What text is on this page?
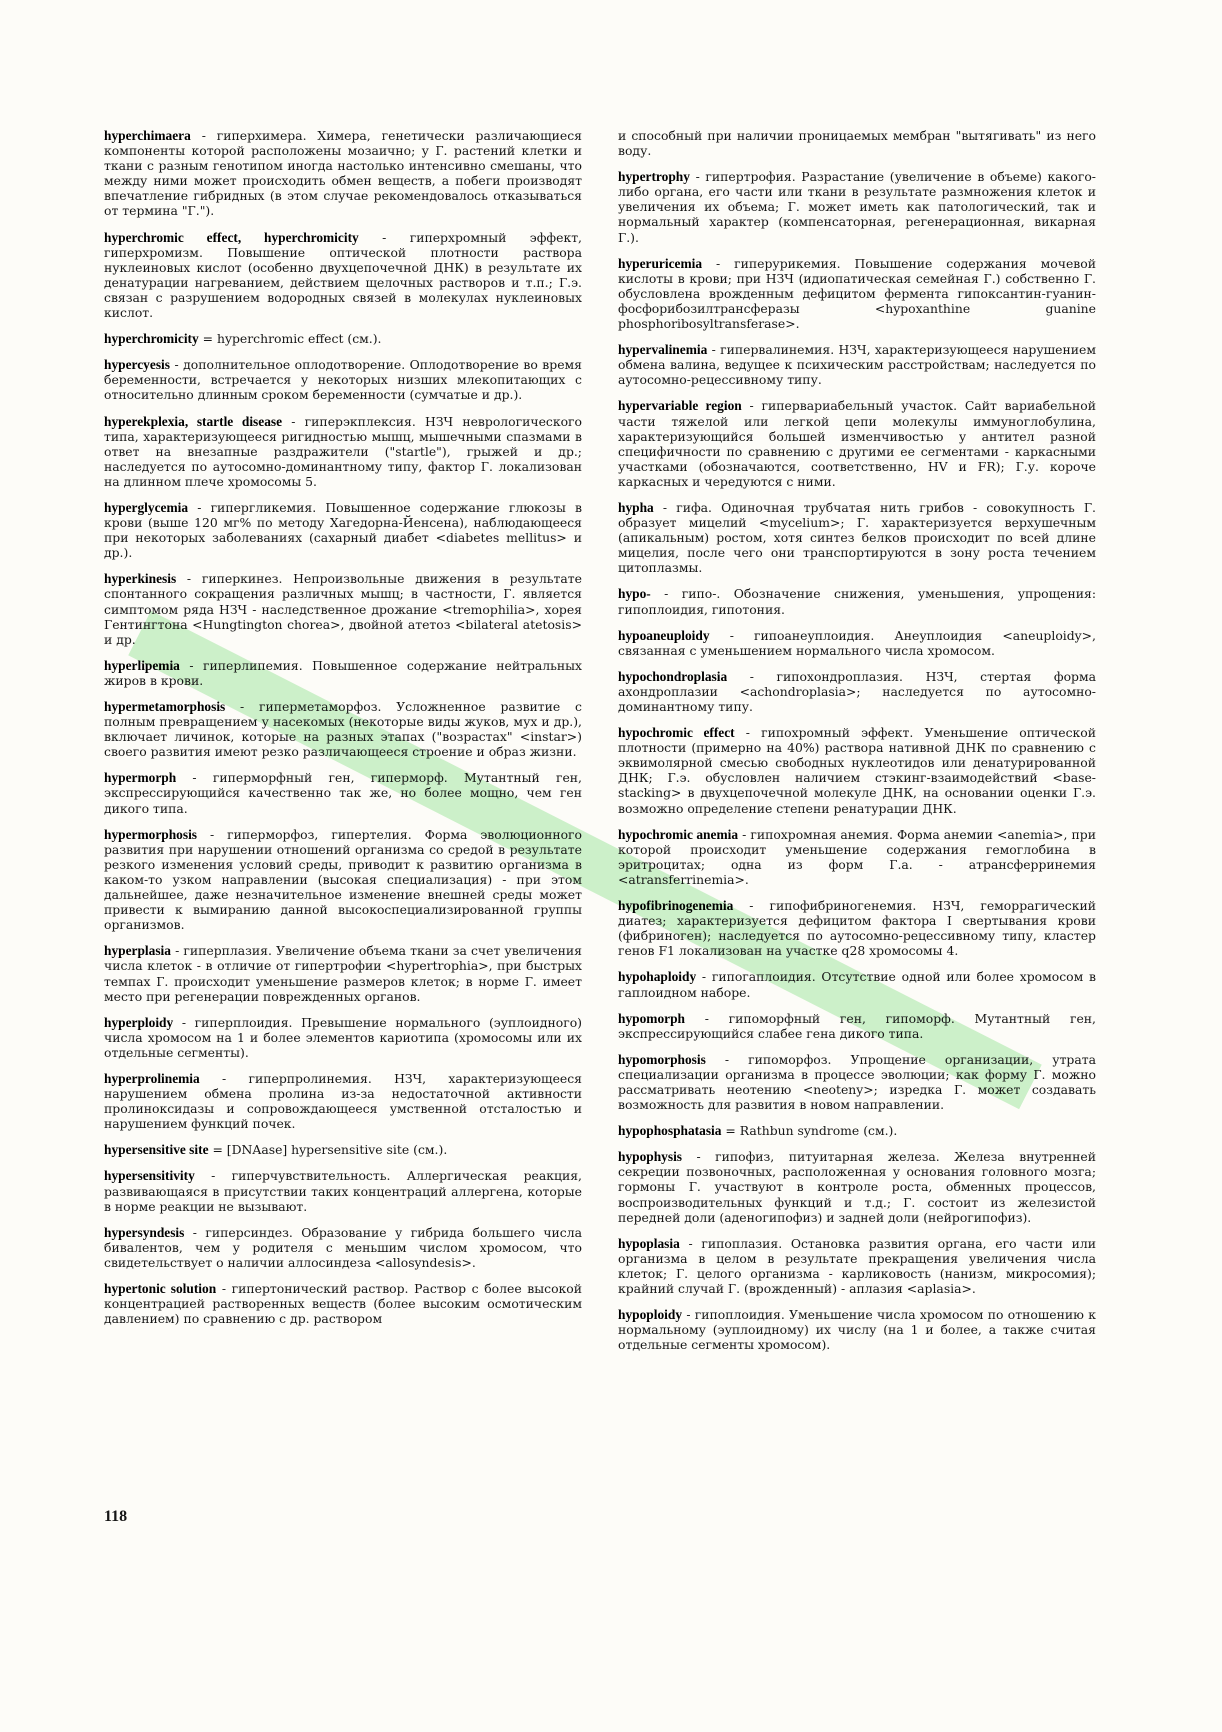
hyperchimaera - гиперхимера. Химера, генетически различающиеся компоненты которой расположены мозаично; у Г. растений клетки и ткани с разным генотипом иногда настолько интенсивно смешаны, что между ними может происходить обмен веществ, а побеги производят впечатление гибридных (в этом случае рекомендовалось отказываться от термина "Г.").

hyperchromic effect, hyperchromicity - гиперхромный эффект, гиперхромизм. Повышение оптической плотности раствора нуклеиновых кислот (особенно двухцепочечной ДНК) в результате их денатурации нагреванием, действием щелочных растворов и т.п.; Г.э. связан с разрушением водородных связей в молекулах нуклеиновых кислот.

hyperchromicity = hyperchromic effect (см.).

hypercyesis - дополнительное оплодотворение. Оплодотворение во время беременности, встречается у некоторых низших млекопитающих с относительно длинным сроком беременности (сумчатые и др.).

hyperekplexia, startle disease - гиперэкплексия. НЗЧ неврологического типа, характеризующееся ригидностью мышц, мышечными спазмами в ответ на внезапные раздражители ("startle"), грыжей и др.; наследуется по аутосомно-доминантному типу, фактор Г. локализован на длинном плече хромосомы 5.

hyperglycemia - гипергликемия. Повышенное содержание глюкозы в крови (выше 120 мг% по методу Хагедорна-Йенсена), наблюдающееся при некоторых заболеваниях (сахарный диабет <diabetes mellitus> и др.).

hyperkinesis - гиперкинез. Непроизвольные движения в результате спонтанного сокращения различных мышц; в частности, Г. является симптомом ряда НЗЧ - наследственное дрожание <tremophilia>, хорея Гентингтона <Hungtington chorea>, двойной атетоз <bilateral atetosis> и др.

hyperlipemia - гиперлипемия. Повышенное содержание нейтральных жиров в крови.

hypermetamorphosis - гиперметаморфоз. Усложненное развитие с полным превращением у насекомых (некоторые виды жуков, мух и др.), включает личинок, которые на разных этапах ("возрастах" <instar>) своего развития имеют резко различающееся строение и образ жизни.

hypermorph - гиперморфный ген, гиперморф. Мутантный ген, экспрессирующийся качественно так же, но более мощно, чем ген дикого типа.

hypermorphosis - гиперморфоз, гипертелия. Форма эволюционного развития при нарушении отношений организма со средой в результате резкого изменения условий среды, приводит к развитию организма в каком-то узком направлении (высокая специализация) - при этом дальнейшее, даже незначительное изменение внешней среды может привести к вымиранию данной высокоспециализированной группы организмов.

hyperplasia - гиперплазия. Увеличение объема ткани за счет увеличения числа клеток - в отличие от гипертрофии <hypertrophia>, при быстрых темпах Г. происходит уменьшение размеров клеток; в норме Г. имеет место при регенерации поврежденных органов.

hyperploidy - гиперплоидия. Превышение нормального (эуплоидного) числа хромосом на 1 и более элементов кариотипа (хромосомы или их отдельные сегменты).

hyperprolinemia - гиперпролинемия. НЗЧ, характеризующееся нарушением обмена пролина из-за недостаточной активности пролиноксидазы и сопровождающееся умственной отсталостью и нарушением функций почек.

hypersensitive site = [DNAase] hypersensitive site (см.).

hypersensitivity - гиперчувствительность. Аллергическая реакция, развивающаяся в присутствии таких концентраций аллергена, которые в норме реакции не вызывают.

hypersyndesis - гиперсиндез. Образование у гибрида большего числа бивалентов, чем у родителя с меньшим числом хромосом, что свидетельствует о наличии аллосиндеза <allosyndesis>.

hypertonic solution - гипертонический раствор. Раствор с более высокой концентрацией растворенных веществ (более высоким осмотическим давлением) по сравнению с др. раствором

и способный при наличии проницаемых мембран "вытягивать" из него воду.

hypertrophy - гипертрофия. Разрастание (увеличение в объеме) какого-либо органа, его части или ткани в результате размножения клеток и увеличения их объема; Г. может иметь как патологический, так и нормальный характер (компенсаторная, регенерационная, викарная Г.).

hyperuricemia - гиперурикемия. Повышение содержания мочевой кислоты в крови; при НЗЧ (идиопатическая семейная Г.) собственно Г. обусловлена врожденным дефицитом фермента гипоксантин-гуанин-фосфорибозилтрансферазы <hypoxanthine guanine phosphoribosyltransferase>.

hypervalinemia - гипервалинемия. НЗЧ, характеризующееся нарушением обмена валина, ведущее к психическим расстройствам; наследуется по аутосомно-рецессивному типу.

hypervariable region - гипервариабельный участок. Сайт вариабельной части тяжелой или легкой цепи молекулы иммуноглобулина, характеризующийся большей изменчивостью у антител разной специфичности по сравнению с другими ее сегментами - каркасными участками (обозначаются, соответственно, HV и FR); Г.у. короче каркасных и чередуются с ними.

hypha - гифа. Одиночная трубчатая нить грибов - совокупность Г. образует мицелий <mycelium>; Г. характеризуется верхушечным (апикальным) ростом, хотя синтез белков происходит по всей длине мицелия, после чего они транспортируются в зону роста течением цитоплазмы.

hypo- - гипо-. Обозначение снижения, уменьшения, упрощения: гипоплоидия, гипотония.

hypoaneuploidy - гипоанеуплоидия. Анеуплоидия <aneuploidy>, связанная с уменьшением нормального числа хромосом.

hypochondroplasia - гипохондроплазия. НЗЧ, стертая форма ахондроплазии <achondroplasia>; наследуется по аутосомно-доминантному типу.

hypochromic effect - гипохромный эффект. Уменьшение оптической плотности (примерно на 40%) раствора нативной ДНК по сравнению с эквимолярной смесью свободных нуклеотидов или денатурированной ДНК; Г.э. обусловлен наличием стэкинг-взаимодействий <base-stacking> в двухцепочечной молекуле ДНК, на основании оценки Г.э. возможно определение степени ренатурации ДНК.

hypochromic anemia - гипохромная анемия. Форма анемии <anemia>, при которой происходит уменьшение содержания гемоглобина в эритроцитах; одна из форм Г.а. - атрансферринемия <atransferrinemia>.

hypofibrinogenemia - гипофибриногенемия. НЗЧ, геморрагический диатез; характеризуется дефицитом фактора I свертывания крови (фибриноген); наследуется по аутосомно-рецессивному типу, кластер генов F1 локализован на участке q28 хромосомы 4.

hypohaploidy - гипогаплоидия. Отсутствие одной или более хромосом в гаплоидном наборе.

hypomorph - гипоморфный ген, гипоморф. Мутантный ген, экспрессирующийся слабее гена дикого типа.

hypomorphosis - гипоморфоз. Упрощение организации, утрата специализации организма в процессе эволюции; как форму Г. можно рассматривать неотению <neoteny>; изредка Г. может создавать возможность для развития в новом направлении.

hypophosphatasia = Rathbun syndrome (см.).

hypophysis - гипофиз, питуитарная железа. Железа внутренней секреции позвоночных, расположенная у основания головного мозга; гормоны Г. участвуют в контроле роста, обменных процессов, воспроизводительных функций и т.д.; Г. состоит из железистой передней доли (аденогипофиз) и задней доли (нейрогипофиз).

hypoplasia - гипоплазия. Остановка развития органа, его части или организма в целом в результате прекращения увеличения числа клеток; Г. целого организма - карликовость (нанизм, микросомия); крайний случай Г. (врожденный) - аплазия <aplasia>.

hypoploidy - гипоплоидия. Уменьшение числа хромосом по отношению к нормальному (эуплоидному) их числу (на 1 и более, а также считая отдельные сегменты хромосом).

118
